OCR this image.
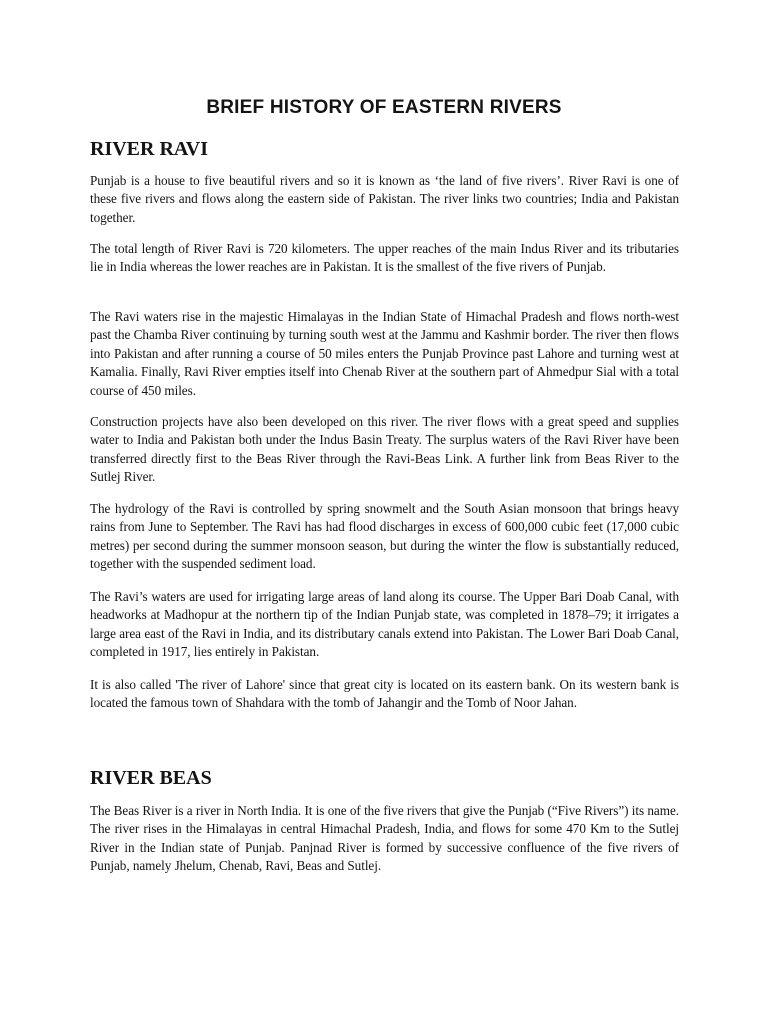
BRIEF HISTORY OF EASTERN RIVERS
RIVER RAVI

Punjab is a house to five beautiful rivers and so it is known as ‘the land of five rivers’. River Ravi is one of these five rivers and flows along the eastern side of Pakistan. The river links two countries; India and Pakistan together.

The total length of River Ravi is 720 kilometers. The upper reaches of the main Indus River and its tributaries lie in India whereas the lower reaches are in Pakistan. It is the smallest of the five rivers of Punjab.

The Ravi waters rise in the majestic Himalayas in the Indian State of Himachal Pradesh and flows north-west past the Chamba River continuing by turning south west at the Jammu and Kashmir border. The river then flows into Pakistan and after running a course of 50 miles enters the Punjab Province past Lahore and turning west at Kamalia. Finally, Ravi River empties itself into Chenab River at the southern part of Ahmedpur Sial with a total course of 450 miles.

Construction projects have also been developed on this river. The river flows with a great speed and supplies water to India and Pakistan both under the Indus Basin Treaty. The surplus waters of the Ravi River have been transferred directly first to the Beas River through the Ravi-Beas Link. A further link from Beas River to the Sutlej River.

The hydrology of the Ravi is controlled by spring snowmelt and the South Asian monsoon that brings heavy rains from June to September. The Ravi has had flood discharges in excess of 600,000 cubic feet (17,000 cubic metres) per second during the summer monsoon season, but during the winter the flow is substantially reduced, together with the suspended sediment load.

The Ravi’s waters are used for irrigating large areas of land along its course. The Upper Bari Doab Canal, with headworks at Madhopur at the northern tip of the Indian Punjab state, was completed in 1878–79; it irrigates a large area east of the Ravi in India, and its distributary canals extend into Pakistan. The Lower Bari Doab Canal, completed in 1917, lies entirely in Pakistan.

It is also called 'The river of Lahore' since that great city is located on its eastern bank. On its western bank is located the famous town of Shahdara with the tomb of Jahangir and the Tomb of Noor Jahan.

RIVER BEAS

The Beas River is a river in North India. It is one of the five rivers that give the Punjab (“Five Rivers”) its name. The river rises in the Himalayas in central Himachal Pradesh, India, and flows for some 470 Km to the Sutlej River in the Indian state of Punjab. Panjnad River is formed by successive confluence of the five rivers of Punjab, namely Jhelum, Chenab, Ravi, Beas and Sutlej.
